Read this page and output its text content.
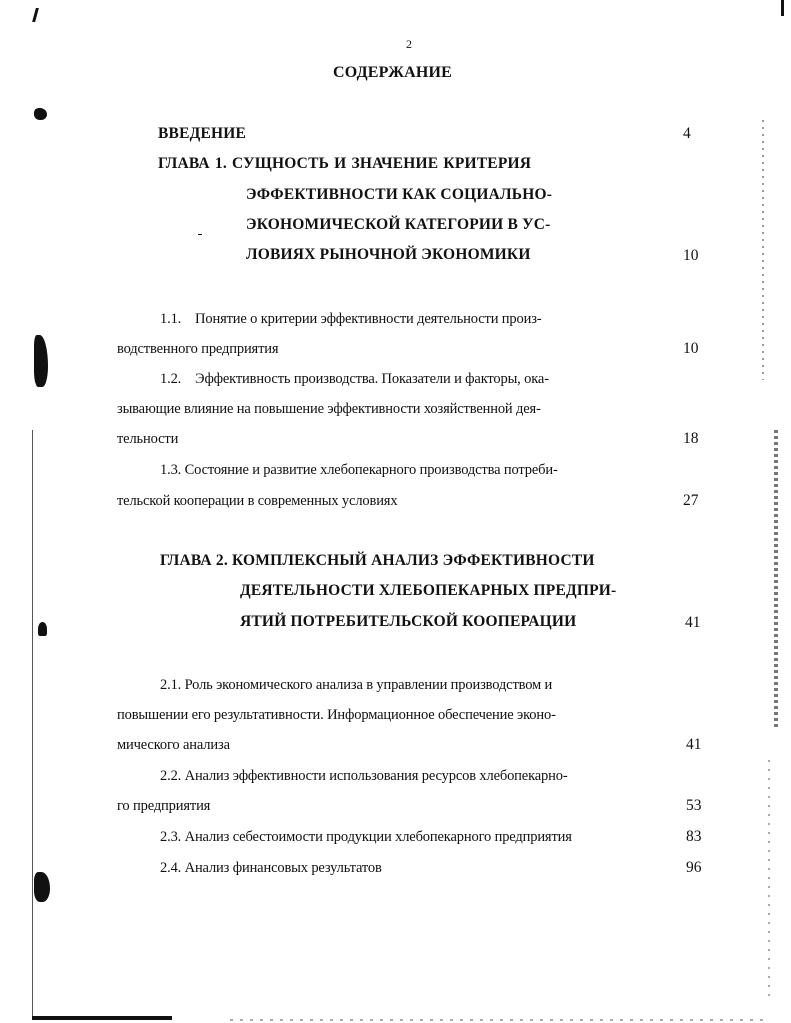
2
СОДЕРЖАНИЕ
ВВЕДЕНИЕ	4
ГЛАВА 1. СУЩНОСТЬ И ЗНАЧЕНИЕ КРИТЕРИЯ
ЭФФЕКТИВНОСТИ КАК СОЦИАЛЬНО-
ЭКОНОМИЧЕСКОЙ КАТЕГОРИИ В УС-
ЛОВИЯХ РЫНОЧНОЙ ЭКОНОМИКИ	10
1.1.    Понятие о критерии эффективности деятельности произ-
водственного предприятия	10
1.2.    Эффективность производства. Показатели и факторы, ока-
зывающие влияние на повышение эффективности хозяйственной дея-
тельности	18
1.3. Состояние и развитие хлебопекарного производства потреби-
тельской кооперации в современных условиях	27
ГЛАВА 2. КОМПЛЕКСНЫЙ АНАЛИЗ ЭФФЕКТИВНОСТИ
ДЕЯТЕЛЬНОСТИ ХЛЕБОПЕКАРНЫХ ПРЕДПРИ-
ЯТИЙ ПОТРЕБИТЕЛЬСКОЙ КООПЕРАЦИИ	41
2.1. Роль экономического анализа в управлении производством и
повышении его результативности. Информационное обеспечение эконо-
мического анализа	41
2.2. Анализ эффективности использования ресурсов хлебопекарно-
го предприятия	53
2.3. Анализ себестоимости продукции хлебопекарного предприятия	83
2.4. Анализ финансовых результатов	96
